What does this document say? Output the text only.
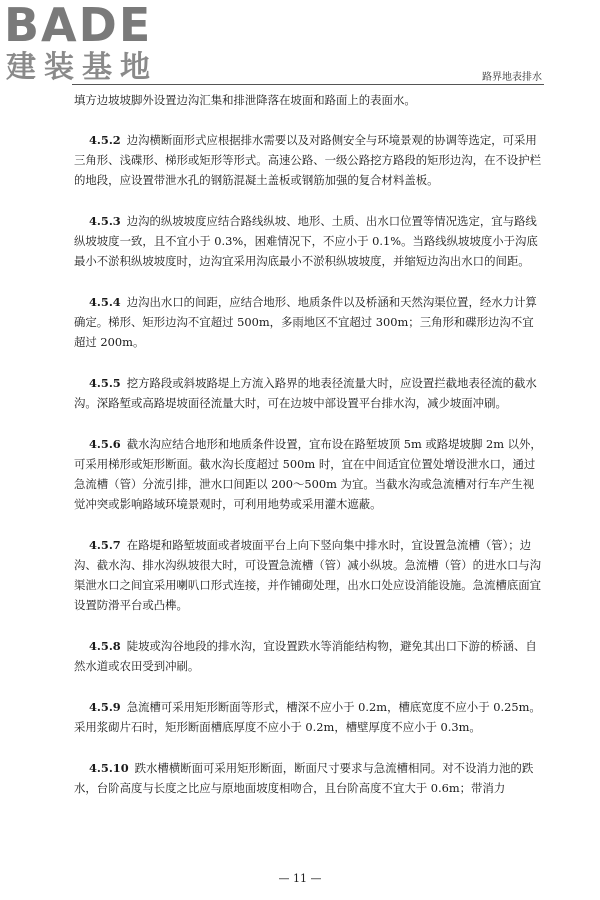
BADE

建装基地	路界地表排水

填方边坡坡脚外设置边沟汇集和排泄降落在坡面和路面上的表面水。

4.5.2 边沟横断面形式应根据排水需要以及对路侧安全与环境景观的协调等选定，可采用三角形、浅碟形、梯形或矩形等形式。高速公路、一级公路挖方路段的矩形边沟，在不设护栏的地段，应设置带泄水孔的钢筋混凝土盖板或钢筋加强的复合材料盖板。

4.5.3 边沟的纵坡坡度应结合路线纵坡、地形、土质、出水口位置等情况选定，宜与路线纵坡坡度一致，且不宜小于 0.3%，困难情况下，不应小于 0.1%。当路线纵坡坡度小于沟底最小不淤积纵坡坡度时，边沟宜采用沟底最小不淤积纵坡坡度，并缩短边沟出水口的间距。

4.5.4 边沟出水口的间距，应结合地形、地质条件以及桥涵和天然沟渠位置，经水力计算确定。梯形、矩形边沟不宜超过 500m，多雨地区不宜超过 300m；三角形和碟形边沟不宜超过 200m。

4.5.5 挖方路段或斜坡路堤上方流入路界的地表径流量大时，应设置拦截地表径流的截水沟。深路堑或高路堤坡面径流量大时，可在边坡中部设置平台排水沟，减少坡面冲刷。

4.5.6 截水沟应结合地形和地质条件设置，宜布设在路堑坡顶 5m 或路堤坡脚 2m 以外，可采用梯形或矩形断面。截水沟长度超过 500m 时，宜在中间适宜位置处增设泄水口，通过急流槽（管）分流引排，泄水口间距以 200～500m 为宜。当截水沟或急流槽对行车产生视觉冲突或影响路域环境景观时，可利用地势或采用灌木遮蔽。

4.5.7 在路堤和路堑坡面或者坡面平台上向下竖向集中排水时，宜设置急流槽（管）；边沟、截水沟、排水沟纵坡很大时，可设置急流槽（管）减小纵坡。急流槽（管）的进水口与沟渠泄水口之间宜采用喇叭口形式连接，并作铺砌处理，出水口处应设消能设施。急流槽底面宜设置防滑平台或凸榫。

4.5.8 陡坡或沟谷地段的排水沟，宜设置跌水等消能结构物，避免其出口下游的桥涵、自然水道或农田受到冲刷。

4.5.9 急流槽可采用矩形断面等形式，槽深不应小于 0.2m，槽底宽度不应小于 0.25m。采用浆砌片石时，矩形断面槽底厚度不应小于 0.2m，槽壁厚度不应小于 0.3m。

4.5.10 跌水槽横断面可采用矩形断面，断面尺寸要求与急流槽相同。对不设消力池的跌水，台阶高度与长度之比应与原地面坡度相吻合，且台阶高度不宜大于 0.6m；带消力

— 11 —
